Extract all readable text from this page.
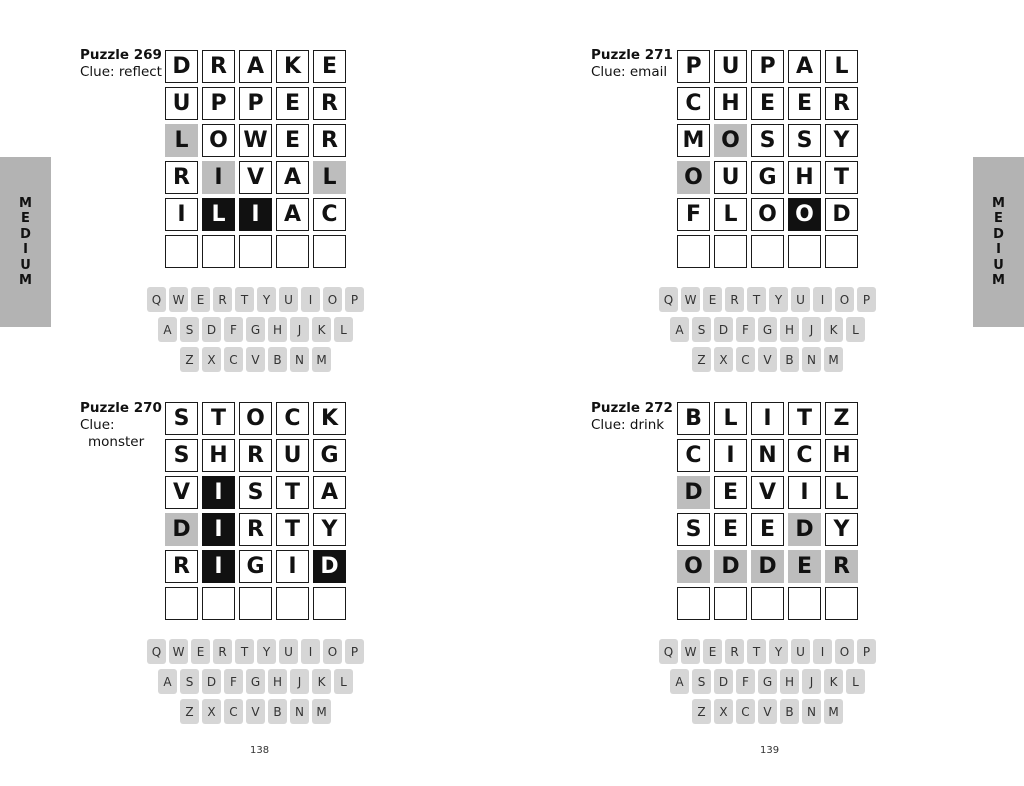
M
E
D
I
U
M
M
E
D
I
U
M
Puzzle 269
Clue: reflect D R A K E
U P P E R
L O W E R
R	I	V A L
I	L	I	A C
Q W	E	R	T	Y	U	I	O	P
A	S	D	F	G	H	J	K	L
Z	X	C	V	B	N	M
Puzzle 270
Clue:
monster
S T O C K
S H R U G
V	I	S T A
D	I	R T Y
R	I	G	I	D
Q W	E	R	T	Y	U	I	O	P
A	S	D	F	G	H	J	K	L
Z	X	C	V	B	N	M
Puzzle 271
Clue: email P U P A L
C H E E R
M O S S Y
O U G H T
F	L O O D
Q W	E	R	T	Y	U	I	O	P
A	S	D	F	G	H	J	K	L
Z	X	C	V	B	N	M
Puzzle 272
Clue: drink B L	I	T Z
C	I	N C H
D E V	I	L
S E E D Y
O D D E R
Q W	E	R	T	Y	U	I	O	P
A	S	D	F	G	H	J	K	L
Z	X	C	V	B	N	M
138	139
